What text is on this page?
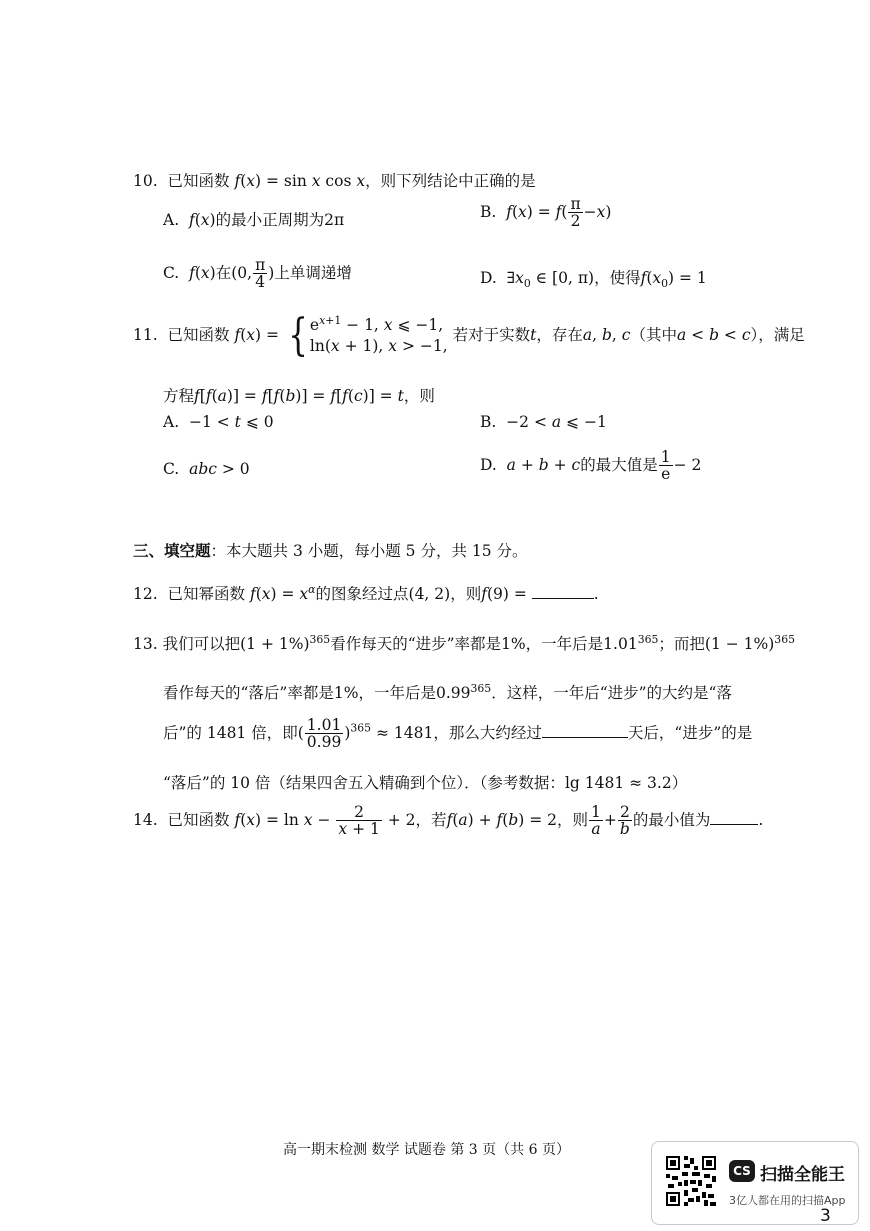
10. 已知函数 f(x) = sin x cos x，则下列结论中正确的是
A. f(x)的最小正周期为2π	B. $f(x) = f( \frac{\pi}{2} -x)$
C. f(x)在(0, $\frac{\pi}{4}$ )上单调递增	D.  $\exists x_0$ ∈ [0, π)，使得$f(x_0) = 1$
11. 已知函数 f(x) = { $e^{x+1} - 1$, x ⩽ −1,
ln(x + 1), x > −1,
若对于实数t，存在a, b, c（其中a < b < c），满足
方程f[f(a)] = f[f(b)] = f[f(c)] = t，则
A.  −1 < t ⩽ 0	B.  −2 < a ⩽ −1
C. abc > 0	D. a + b + c的最大值是 $\frac{1}{e} - 2$
三、填空题：本大题共 3 小题，每小题 5 分，共 15 分。
12. 已知幂函数 $f(x) = x^\alpha$的图象经过点(4, 2)，则f(9) =	.
13. 我们可以把$(1 + 1\%)^{365}$看作每天的“进步”率都是1%，一年后是1.01$^{365}$；而把$(1 - 1\%)^{365}$
看作每天的“落后”率都是1%，一年后是0.99$^{365}$．这样，一年后“进步”的大约是“落
后”的 1481 倍，即( $\frac{1.01}{0.99} )^{365} \approx 1481$，那么大约经过	天后，“进步”的是
“落后”的 10 倍（结果四舍五入精确到个位）．（参考数据：lg 1481 ≈ 3.2）
14. 已知函数 $f(x) = \ln x - \frac{2}{x + 1} + 2$，若f(a) + f(b) = 2，则 $\frac{1}{a} + \frac{2}{b}$ 的最小值为	.
高一期末检测 数学 试题卷 第 3 页（共 6 页）
CS 扫描全能王
3亿人都在用的扫描App
3
